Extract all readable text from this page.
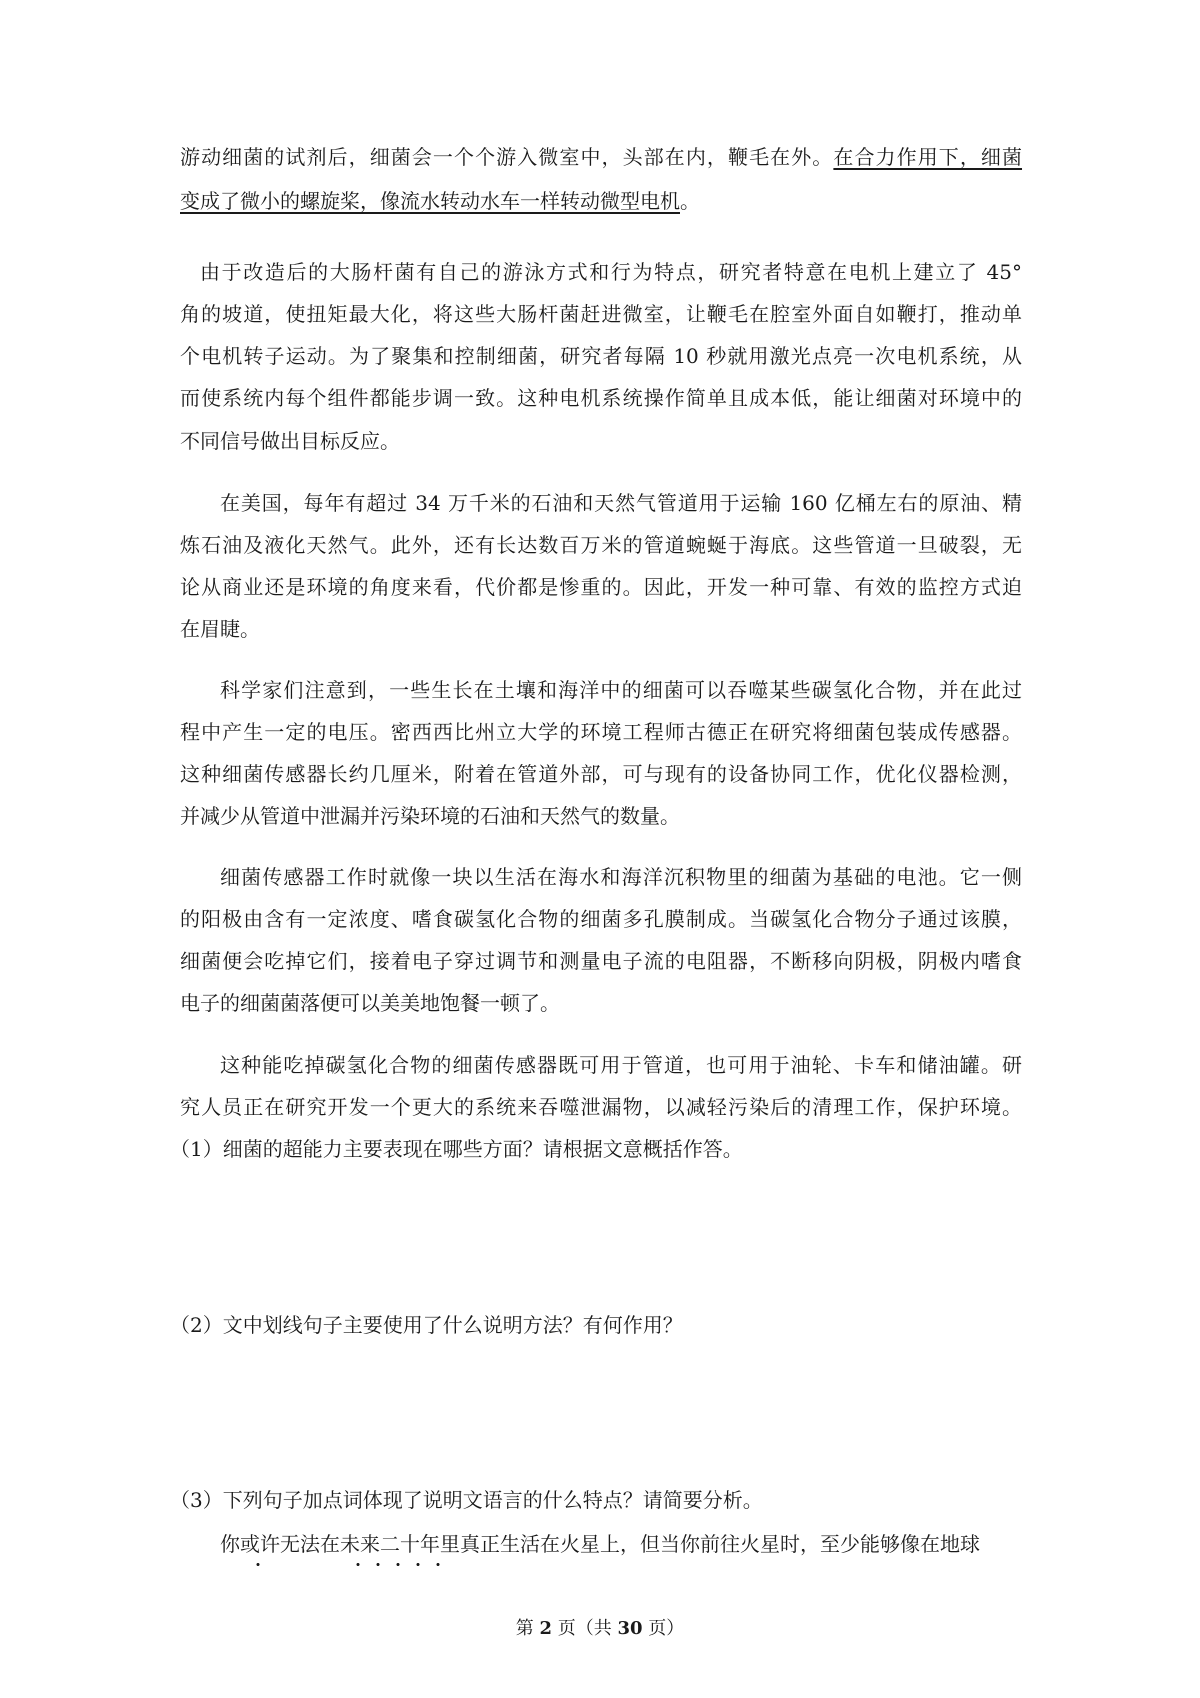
游动细菌的试剂后，细菌会一个个游入微室中，头部在内，鞭毛在外。在合力作用下，细菌
变成了微小的螺旋桨，像流水转动水车一样转动微型电机。
由于改造后的大肠杆菌有自己的游泳方式和行为特点，研究者特意在电机上建立了 45°
角的坡道，使扭矩最大化，将这些大肠杆菌赶进微室，让鞭毛在腔室外面自如鞭打，推动单
个电机转子运动。为了聚集和控制细菌，研究者每隔 10 秒就用激光点亮一次电机系统，从
而使系统内每个组件都能步调一致。这种电机系统操作简单且成本低，能让细菌对环境中的
不同信号做出目标反应。
在美国，每年有超过 34 万千米的石油和天然气管道用于运输 160 亿桶左右的原油、精
炼石油及液化天然气。此外，还有长达数百万米的管道蜿蜒于海底。这些管道一旦破裂，无
论从商业还是环境的角度来看，代价都是惨重的。因此，开发一种可靠、有效的监控方式迫
在眉睫。
科学家们注意到，一些生长在土壤和海洋中的细菌可以吞噬某些碳氢化合物，并在此过
程中产生一定的电压。密西西比州立大学的环境工程师古德正在研究将细菌包装成传感器。
这种细菌传感器长约几厘米，附着在管道外部，可与现有的设备协同工作，优化仪器检测，
并减少从管道中泄漏并污染环境的石油和天然气的数量。
细菌传感器工作时就像一块以生活在海水和海洋沉积物里的细菌为基础的电池。它一侧
的阳极由含有一定浓度、嗜食碳氢化合物的细菌多孔膜制成。当碳氢化合物分子通过该膜，
细菌便会吃掉它们，接着电子穿过调节和测量电子流的电阻器，不断移向阴极，阴极内嗜食
电子的细菌菌落便可以美美地饱餐一顿了。
这种能吃掉碳氢化合物的细菌传感器既可用于管道，也可用于油轮、卡车和储油罐。研
究人员正在研究开发一个更大的系统来吞噬泄漏物，以减轻污染后的清理工作，保护环境。
（1）细菌的超能力主要表现在哪些方面？请根据文意概括作答。
（2）文中划线句子主要使用了什么说明方法？有何作用？
（3）下列句子加点词体现了说明文语言的什么特点？请简要分析。
你或许无法在未来二十年里真正生活在火星上，但当你前往火星时，至少能够像在地球
第 2 页（共 30 页）
